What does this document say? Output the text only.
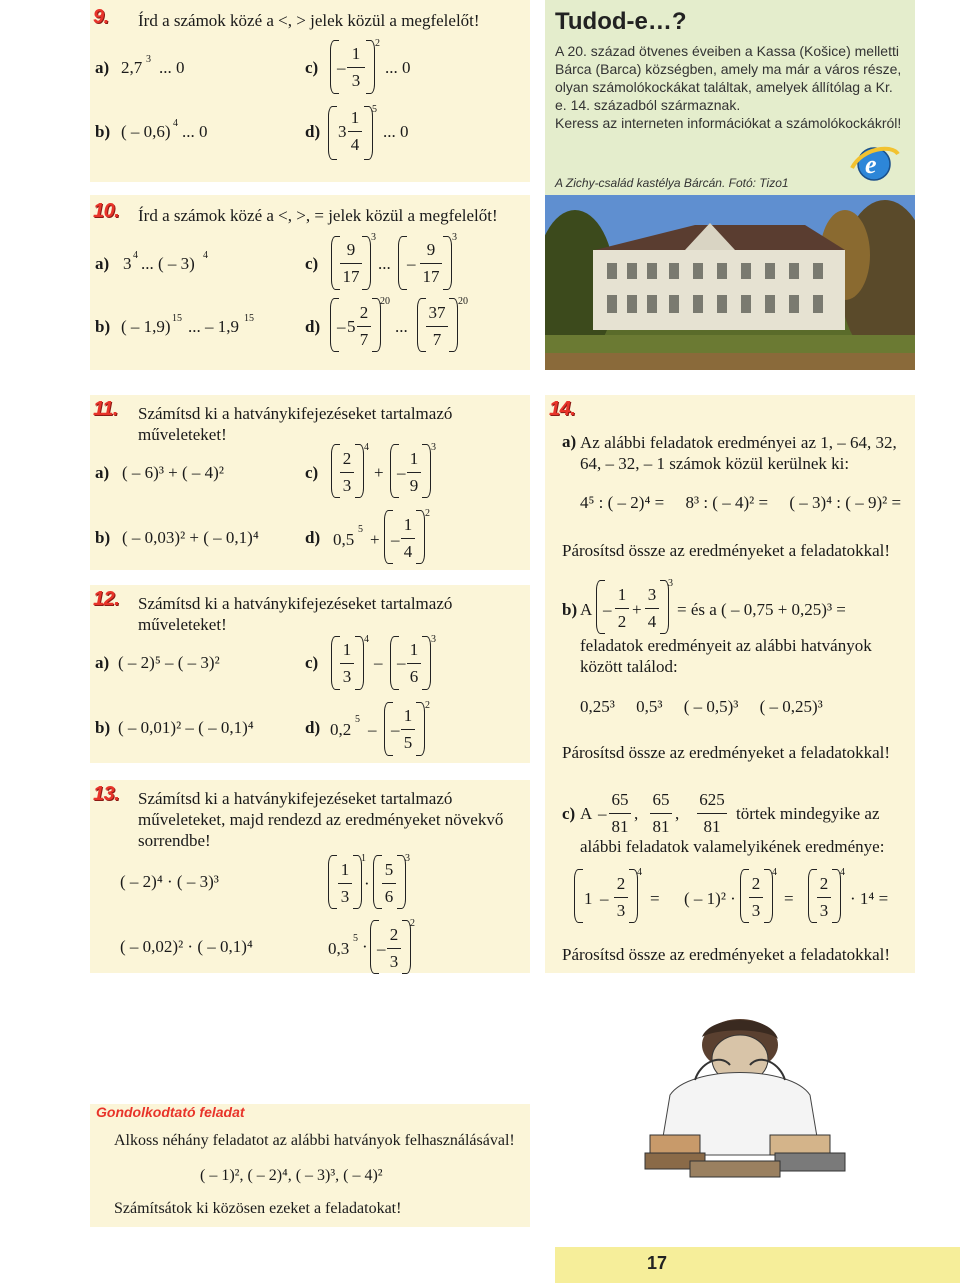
9. Írd a számok közé a <, > jelek közül a megfelelőt!
a) 2,7 3 ... 0
b) ( – 0,6) 4 ... 0
c) –
1
3
2
... 0
d) 3
1
4
5
... 0
Tudod-e…?
A 20. század ötvenes éveiben a Kassa (Košice) melletti Bárca (Barca) községben, amely ma már a város része, olyan számolókockákat találtak, amelyek állítólag a Kr. e. 14. századból származnak.
Keress az interneten információkat a számolókockákról!
A Zichy-család kastélya Bárcán. Fotó: Tizo1
e
10. Írd a számok közé a <, >, = jelek közül a megfelelőt!
a) 3 4 ... ( – 3) 4
b) ( – 1,9) 15 ... – 1,9 15
c)
9
17
3
... –
9
17
3
d) – 5
2
7
20
...
37
7
20
11. Számítsd ki a hatványkifejezéseket tartalmazó műveleteket!
a) ( – 6)³ + ( – 4)²
b) ( – 0,03)² + ( – 0,1)⁴
c)
2
3
4
+ –
1
9
3
d) 0,5
5
+ –
1
4
2
12. Számítsd ki a hatványkifejezéseket tartalmazó műveleteket!
a) ( – 2)⁵ – ( – 3)²
b) ( – 0,01)² – ( – 0,1)⁴
c)
1
3
4
– –
1
6
3
d) 0,2
5
– –
1
5
2
13. Számítsd ki a hatványkifejezéseket tartalmazó műveleteket, majd rendezd az eredményeket növekvő sorrendbe!
( – 2)⁴ · ( – 3)³
( – 0,02)² · ( – 0,1)⁴
1
3
1
·
5
6
3
0,3
5 · –
2
3
2
14.
a) Az alábbi feladatok eredményei az 1, – 64, 32, 64, – 32, – 1 számok közül kerülnek ki:
4⁵ : ( – 2)⁴ =     8³ : ( – 4)² =     ( – 3)⁴ : ( – 9)² =
Párosítsd össze az eredményeket a feladatokkal!
b) A –
1
2
+
3
4
3
= és a ( – 0,75 + 0,25)³ =
feladatok eredményeit az alábbi hatványok között találod:
0,25³     0,5³     ( – 0,5)³     ( – 0,25)³
Párosítsd össze az eredményeket a feladatokkal!
c) A –
65
81
,
65
81
,
625
81
törtek mindegyike az
alábbi feladatok valamelyikének eredménye:
1 –
2
3
4
= ( – 1)² ·
2
3
4
=
2
3
4
· 1⁴ =
Párosítsd össze az eredményeket a feladatokkal!
Gondolkodtató feladat
Alkoss néhány feladatot az alábbi hatványok felhasználásával!
( – 1)², ( – 2)⁴, ( – 3)³, ( – 4)²
Számítsátok ki közösen ezeket a feladatokat!
17
